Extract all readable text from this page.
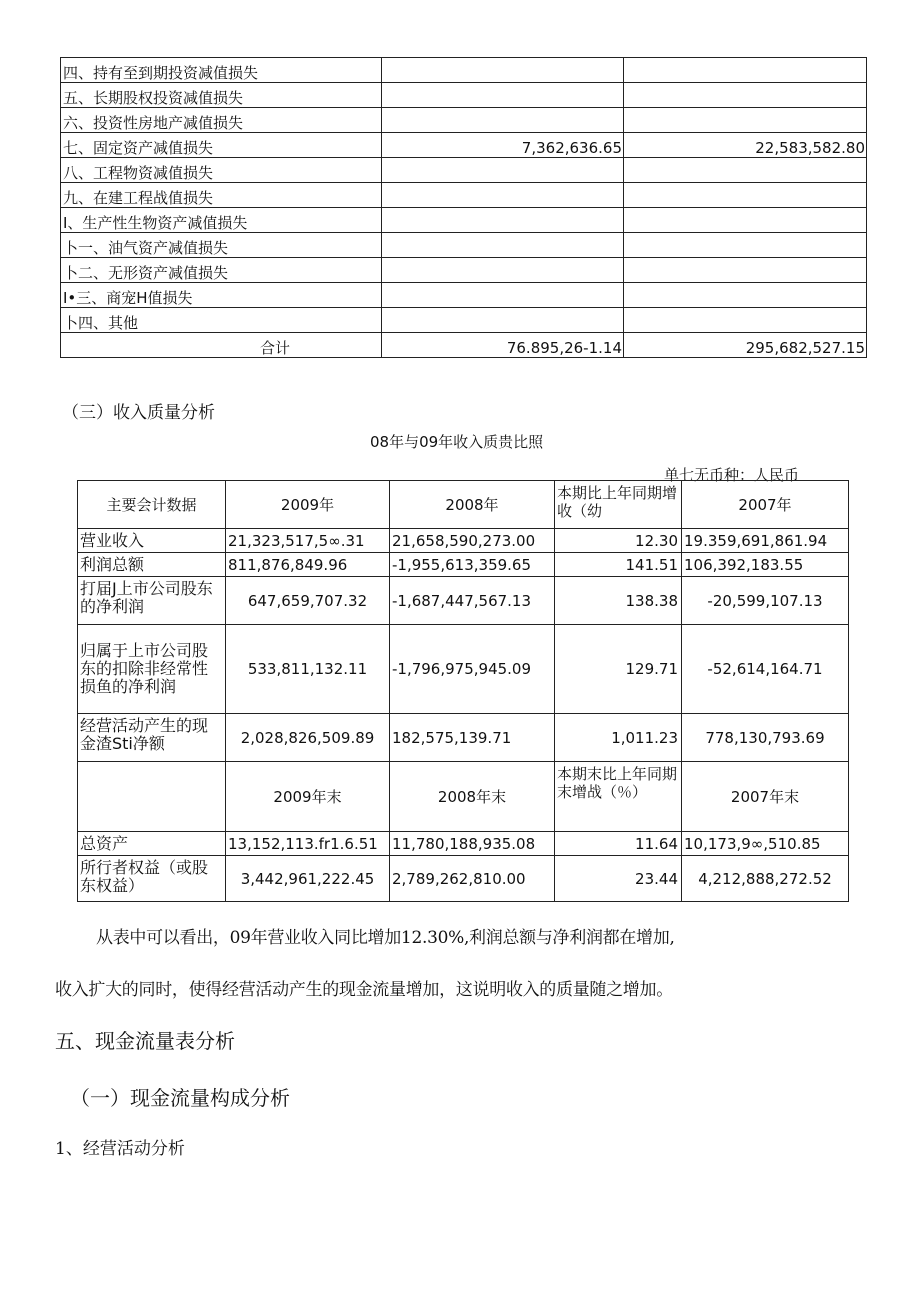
四、持有至到期投资减值损失		
五、长期股权投资减值损失		
六、投资性房地产减值损失		
七、固定资产减值损失	7,362,636.65	22,583,582.80
八、工程物资减值损失		
九、在建工程战值损失		
I、生产性生物资产减值损失		
卜一、油气资产减值损失		
卜二、无形资产减值损失		
I•三、商宠H值损失		
卜四、其他		
合计	76.895,26-1.14	295,682,527.15
（三）收入质量分析
08年与09年收入质贵比照
单七无币种：人民币
主要会计数据	2009年	2008年	本期比上年同期增收（幼	2007年
营业收入	21,323,517,5∞.31	21,658,590,273.00	12.30	19.359,691,861.94
利润总额	811,876,849.96	-1,955,613,359.65	141.51	106,392,183.55
打届J上市公司股东的净利润	647,659,707.32	-1,687,447,567.13	138.38	-20,599,107.13
归属于上市公司股东的扣除非经常性损鱼的净利润	533,811,132.11	-1,796,975,945.09	129.71	-52,614,164.71
经营活动产生的现金渣Sti净额	2,028,826,509.89	182,575,139.71	1,011.23	778,130,793.69
	2009年末	2008年末	本期末比上年同期末增战（％）	2007年末
总资产	13,152,113.fr1.6.51	11,780,188,935.08	11.64	10,173,9∞,510.85
所行者权益（或股东权益）	3,442,961,222.45	2,789,262,810.00	23.44	4,212,888,272.52
从表中可以看出，09年营业收入同比增加12.30%,利润总额与净利润都在增加,
收入扩大的同时，使得经营活动产生的现金流量增加，这说明收入的质量随之增加。
五、现金流量表分析
（一）现金流量构成分析
1、经营活动分析
